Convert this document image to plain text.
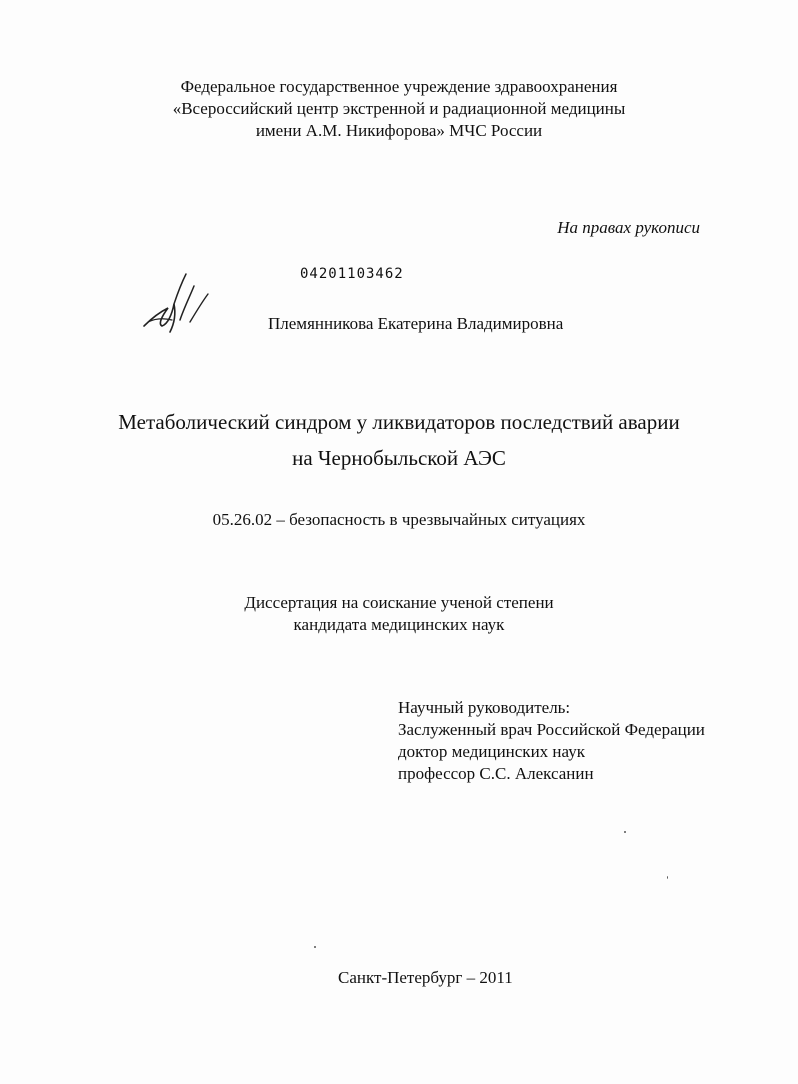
Федеральное государственное учреждение здравоохранения
«Всероссийский центр экстренной и радиационной медицины
имени А.М. Никифорова» МЧС России
На правах рукописи
04201103462
Племянникова Екатерина Владимировна
Метаболический синдром у ликвидаторов последствий аварии
на Чернобыльской АЭС
05.26.02 – безопасность в чрезвычайных ситуациях
Диссертация на соискание ученой степени
кандидата медицинских наук
Научный руководитель:
Заслуженный врач Российской Федерации
доктор медицинских наук
профессор С.С. Алексанин
Санкт-Петербург – 2011
